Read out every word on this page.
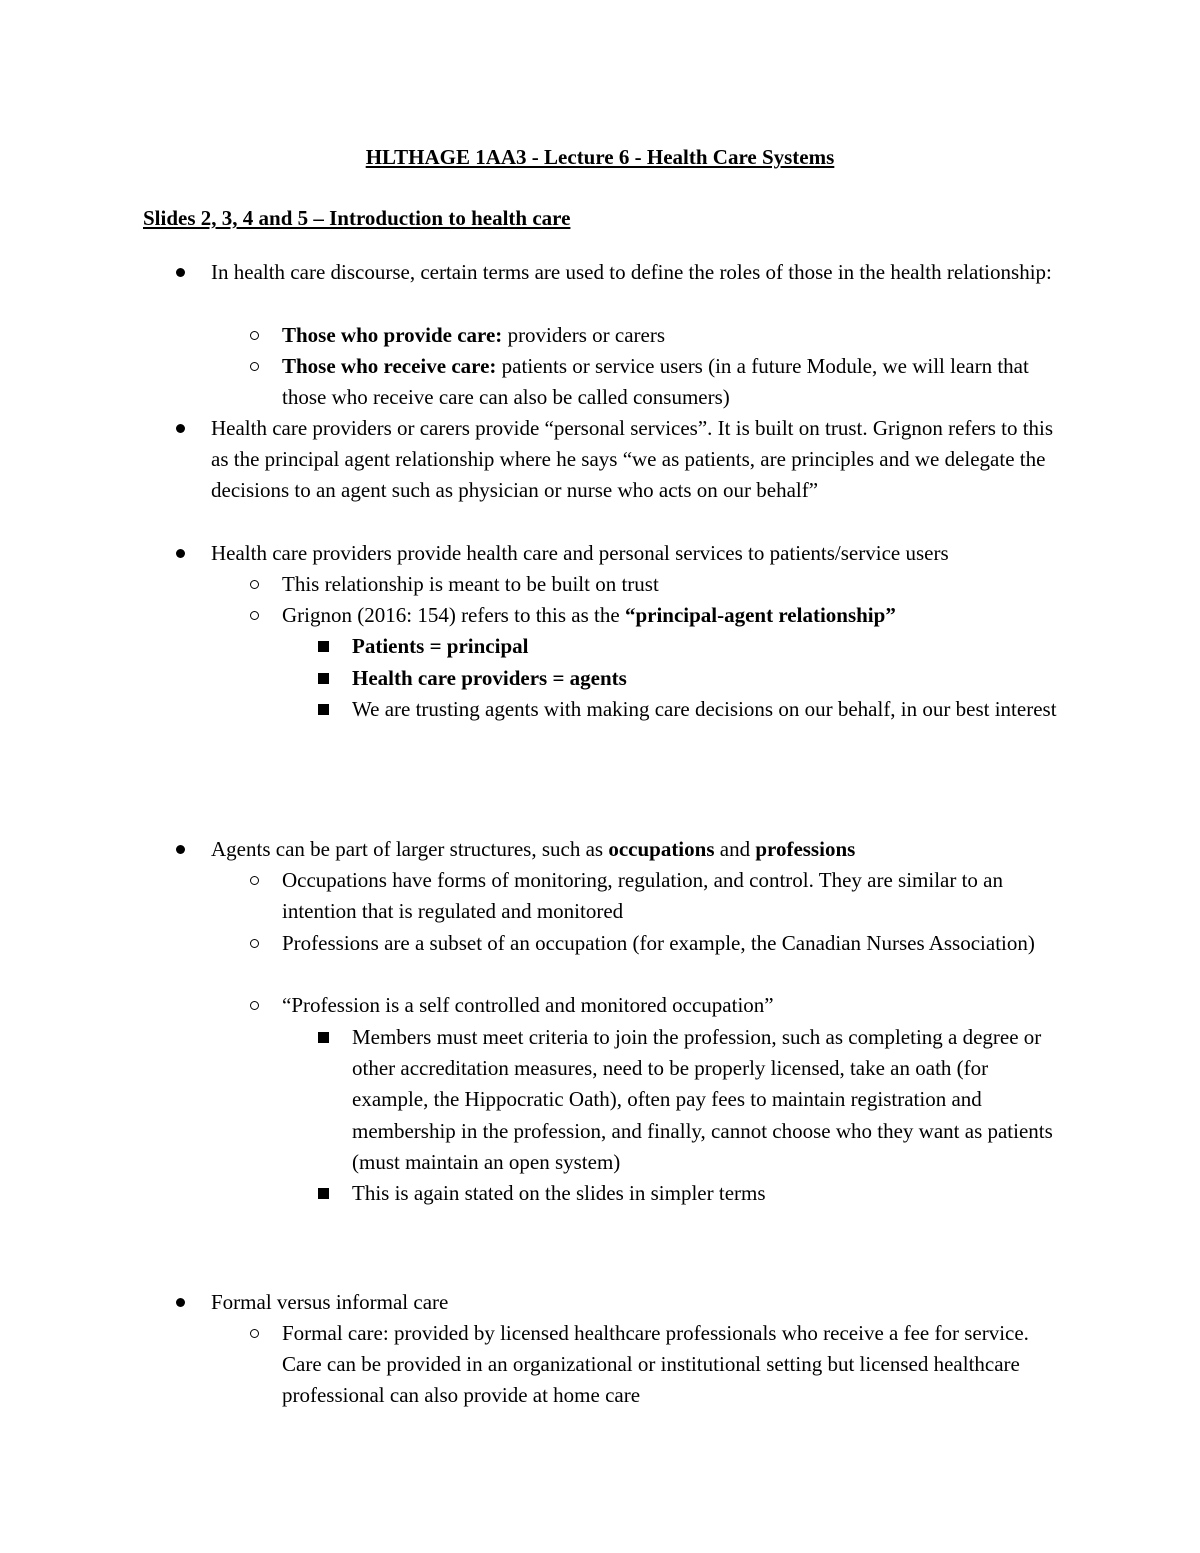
HLTHAGE 1AA3 - Lecture 6 - Health Care Systems
Slides 2, 3, 4 and 5 – Introduction to health care

In health care discourse, certain terms are used to define the roles of those in the health relationship:

Those who provide care: providers or carers

Those who receive care: patients or service users (in a future Module, we will learn that those who receive care can also be called consumers)

Health care providers or carers provide “personal services”. It is built on trust. Grignon refers to this as the principal agent relationship where he says “we as patients, are principles and we delegate the decisions to an agent such as physician or nurse who acts on our behalf”

Health care providers provide health care and personal services to patients/service users

This relationship is meant to be built on trust

Grignon (2016: 154) refers to this as the “principal-agent relationship”

Patients = principal

Health care providers = agents

We are trusting agents with making care decisions on our behalf, in our best interest

Agents can be part of larger structures, such as occupations and professions

Occupations have forms of monitoring, regulation, and control. They are similar to an intention that is regulated and monitored

Professions are a subset of an occupation (for example, the Canadian Nurses Association)

“Profession is a self controlled and monitored occupation”

Members must meet criteria to join the profession, such as completing a degree or other accreditation measures, need to be properly licensed, take an oath (for example, the Hippocratic Oath), often pay fees to maintain registration and membership in the profession, and finally, cannot choose who they want as patients (must maintain an open system)

This is again stated on the slides in simpler terms

Formal versus informal care

Formal care: provided by licensed healthcare professionals who receive a fee for service. Care can be provided in an organizational or institutional setting but licensed healthcare professional can also provide at home care
